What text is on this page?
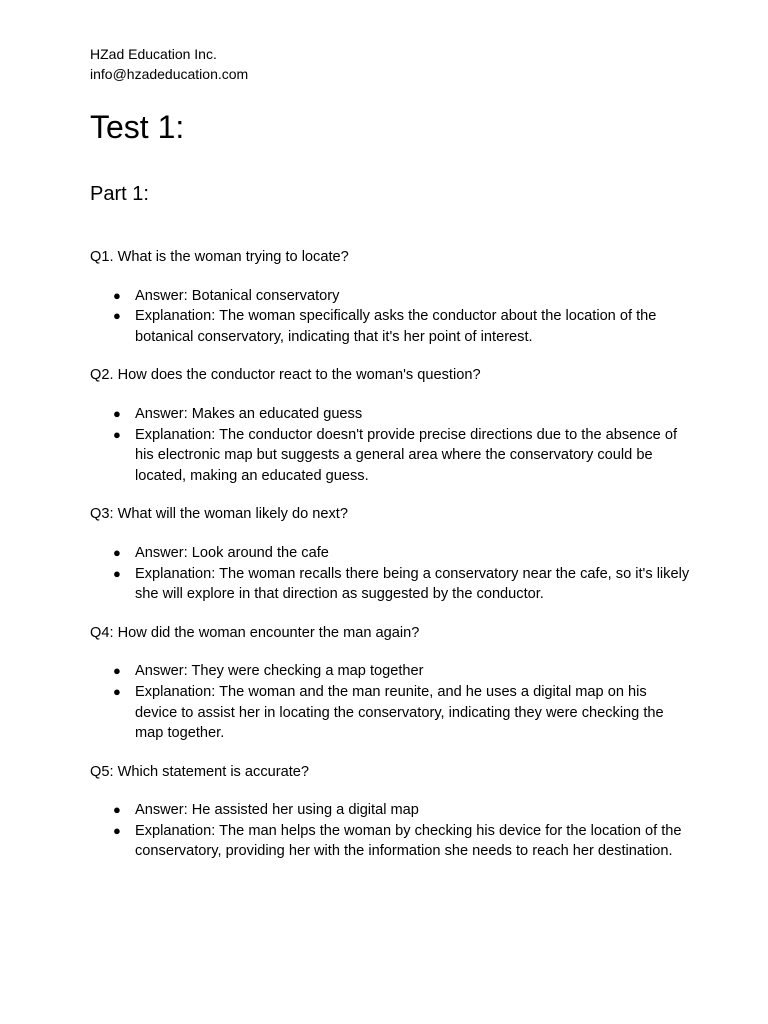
HZad Education Inc.

info@hzadeducation.com

Test 1:
Part 1:

Q1. What is the woman trying to locate?

● Answer: Botanical conservatory
● Explanation: The woman specifically asks the conductor about the location of the botanical conservatory, indicating that it's her point of interest.

Q2. How does the conductor react to the woman's question?

● Answer: Makes an educated guess
● Explanation: The conductor doesn't provide precise directions due to the absence of his electronic map but suggests a general area where the conservatory could be located, making an educated guess.

Q3: What will the woman likely do next?

● Answer: Look around the cafe
● Explanation: The woman recalls there being a conservatory near the cafe, so it's likely she will explore in that direction as suggested by the conductor.

Q4: How did the woman encounter the man again?

● Answer: They were checking a map together
● Explanation: The woman and the man reunite, and he uses a digital map on his device to assist her in locating the conservatory, indicating they were checking the map together.

Q5: Which statement is accurate?

● Answer: He assisted her using a digital map
● Explanation: The man helps the woman by checking his device for the location of the conservatory, providing her with the information she needs to reach her destination.
